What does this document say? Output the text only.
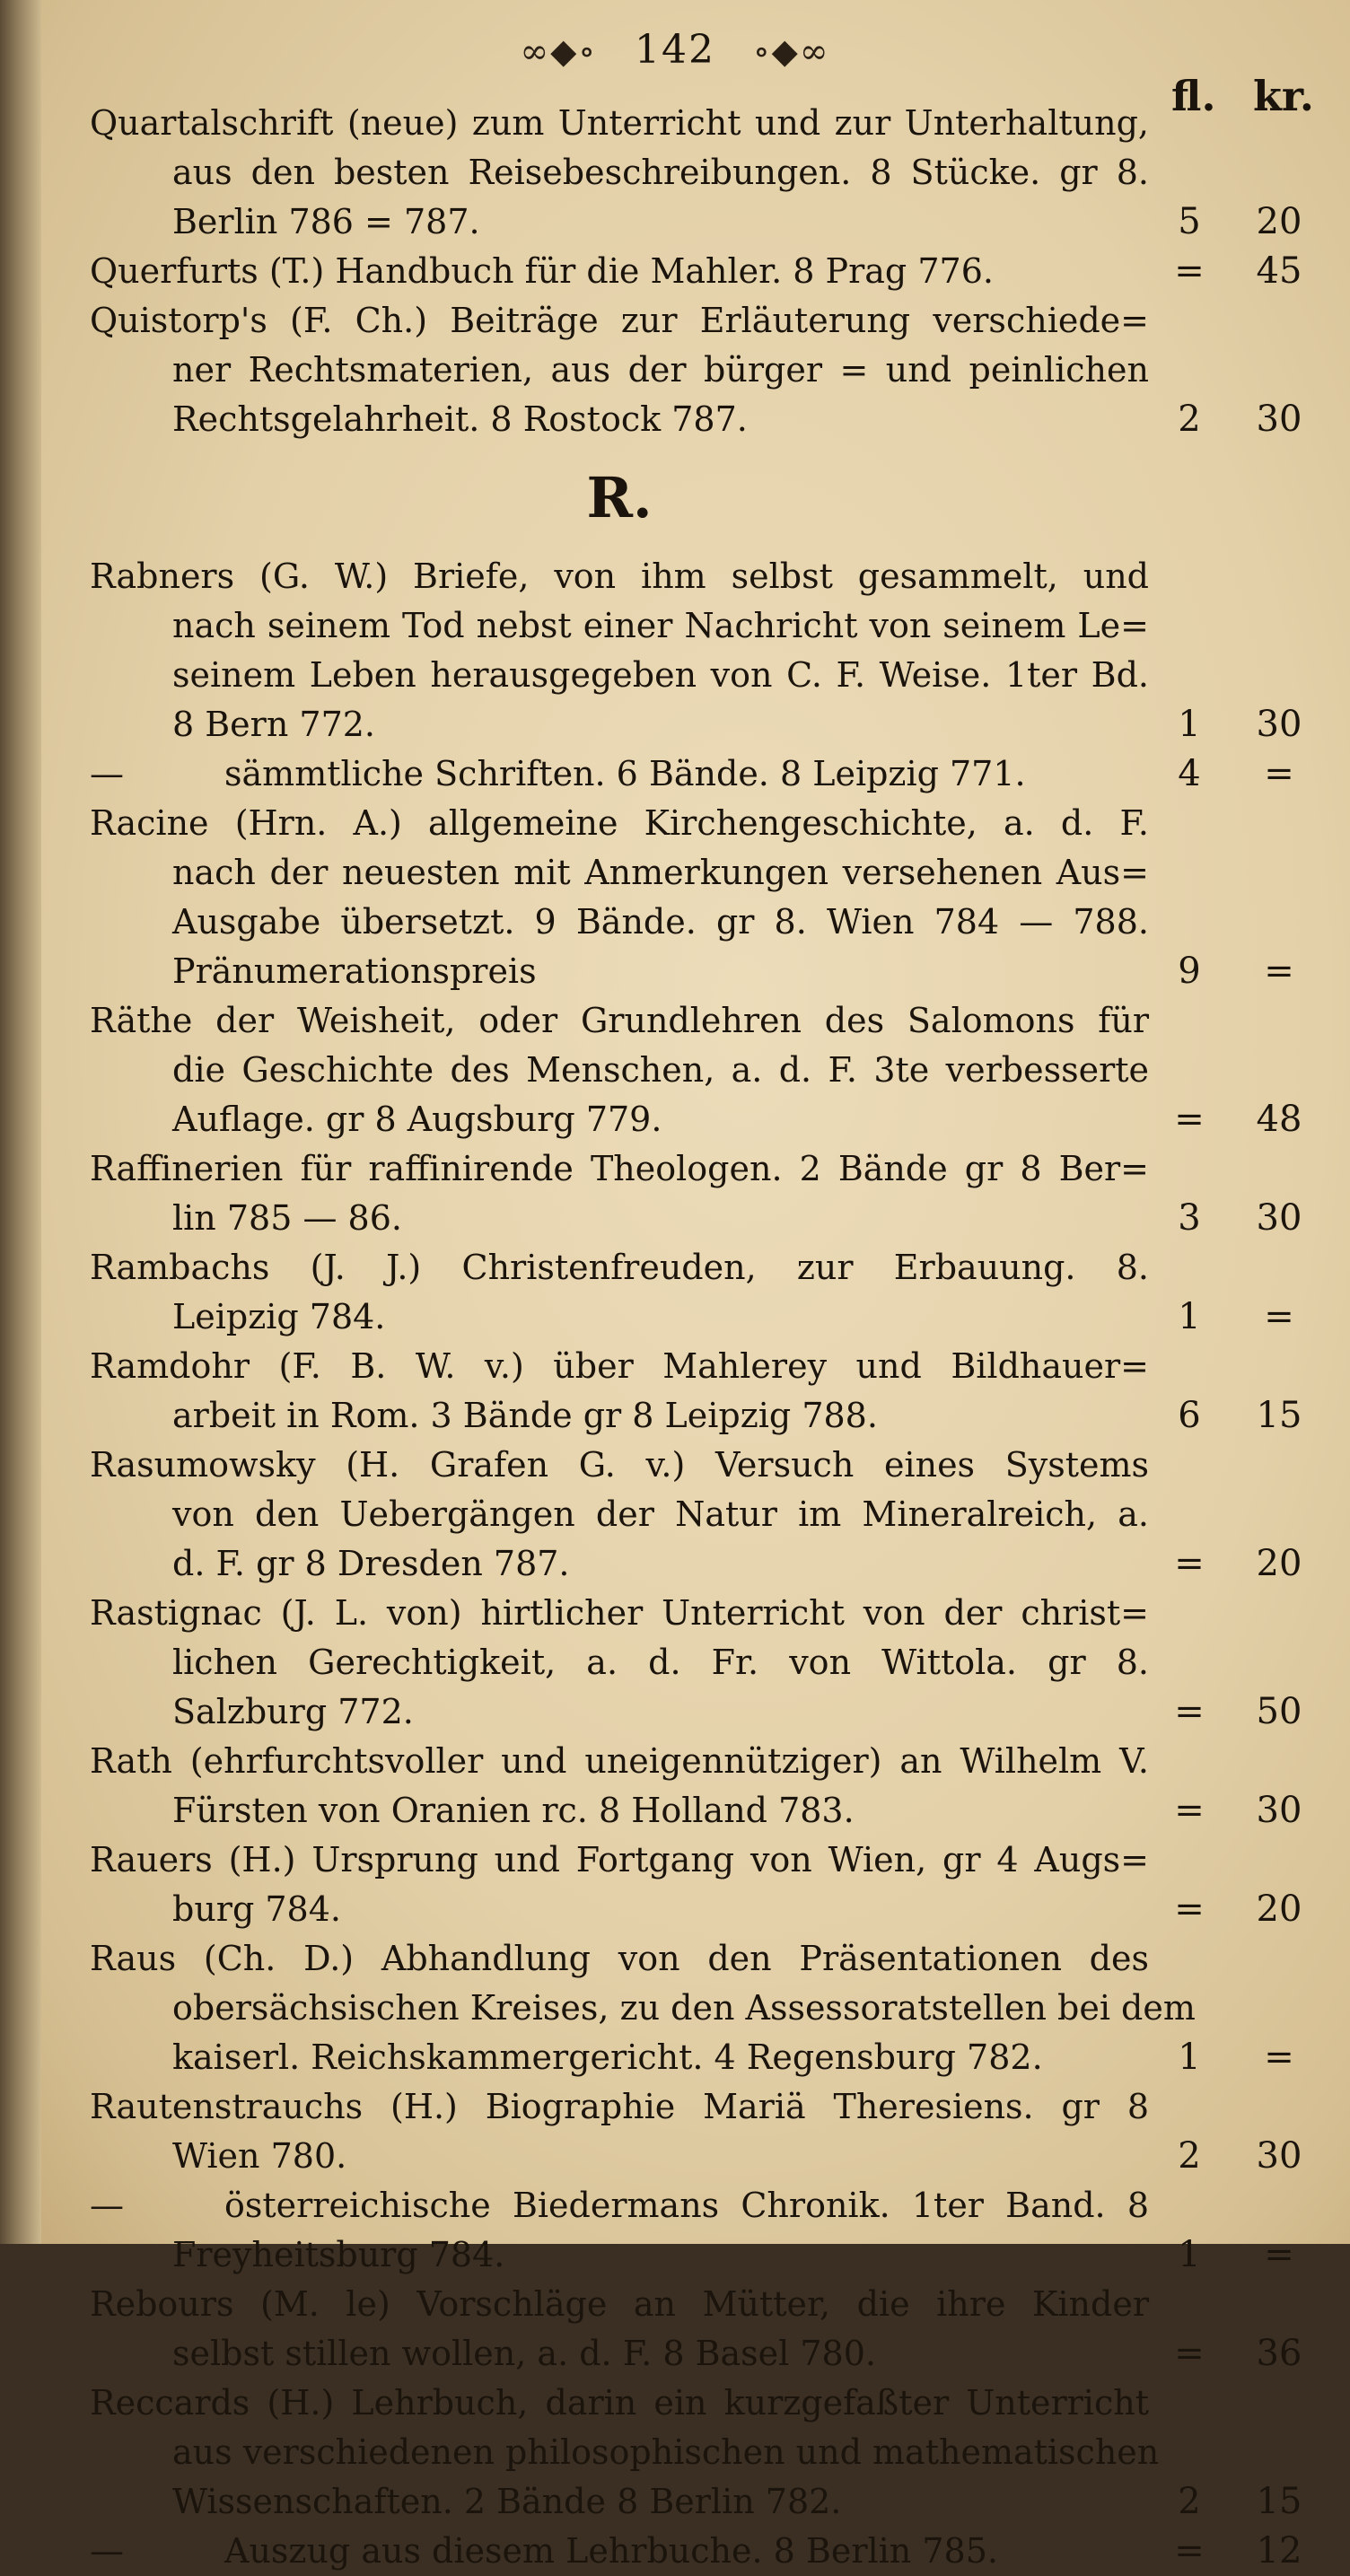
∞◆∘ 142 ∘◆∞
fl. kr.
Quartalschrift (neue) zum Unterricht und zur Unterhaltung,
aus den besten Reisebeschreibungen. 8 Stücke. gr 8.
Berlin 786 = 787.	5	20
Querfurts (T.) Handbuch für die Mahler. 8 Prag 776.	=	45
Quistorp's (F. Ch.) Beiträge zur Erläuterung verschiede=
ner Rechtsmaterien, aus der bürger = und peinlichen
Rechtsgelahrheit. 8 Rostock 787.	2	30
R.
Rabners (G. W.) Briefe, von ihm selbst gesammelt, und
nach seinem Tod nebst einer Nachricht von seinem Le=
seinem Leben herausgegeben von C. F. Weise. 1ter Bd.
8 Bern 772.	1	30
—	sämmtliche Schriften. 6 Bände. 8 Leipzig 771.	4	=
Racine (Hrn. A.) allgemeine Kirchengeschichte, a. d. F.
nach der neuesten mit Anmerkungen versehenen Aus=
Ausgabe übersetzt. 9 Bände. gr 8. Wien 784 — 788.
Pränumerationspreis	9	=
Räthe der Weisheit, oder Grundlehren des Salomons für
die Geschichte des Menschen, a. d. F. 3te verbesserte
Auflage. gr 8 Augsburg 779.	=	48
Raffinerien für raffinirende Theologen. 2 Bände gr 8 Ber=
lin 785 — 86.	3	30
Rambachs (J. J.) Christenfreuden, zur Erbauung. 8.
Leipzig 784.	1	=
Ramdohr (F. B. W. v.) über Mahlerey und Bildhauer=
arbeit in Rom. 3 Bände gr 8 Leipzig 788.	6	15
Rasumowsky (H. Grafen G. v.) Versuch eines Systems
von den Uebergängen der Natur im Mineralreich, a.
d. F. gr 8 Dresden 787.	=	20
Rastignac (J. L. von) hirtlicher Unterricht von der christ=
lichen Gerechtigkeit, a. d. Fr. von Wittola. gr 8.
Salzburg 772.	=	50
Rath (ehrfurchtsvoller und uneigennütziger) an Wilhelm V.
Fürsten von Oranien rc. 8 Holland 783.	=	30
Rauers (H.) Ursprung und Fortgang von Wien, gr 4 Augs=
burg 784.	=	20
Raus (Ch. D.) Abhandlung von den Präsentationen des
obersächsischen Kreises, zu den Assessoratstellen bei dem
kaiserl. Reichskammergericht. 4 Regensburg 782.	1	=
Rautenstrauchs (H.) Biographie Mariä Theresiens. gr 8
Wien 780.	2	30
—	österreichische Biedermans Chronik. 1ter Band. 8
Freyheitsburg 784.	1	=
Rebours (M. le) Vorschläge an Mütter, die ihre Kinder
selbst stillen wollen, a. d. F. 8 Basel 780.	=	36
Reccards (H.) Lehrbuch, darin ein kurzgefaßter Unterricht
aus verschiedenen philosophischen und mathematischen
Wissenschaften. 2 Bände 8 Berlin 782.	2	15
—	Auszug aus diesem Lehrbuche. 8 Berlin 785.	=	12
